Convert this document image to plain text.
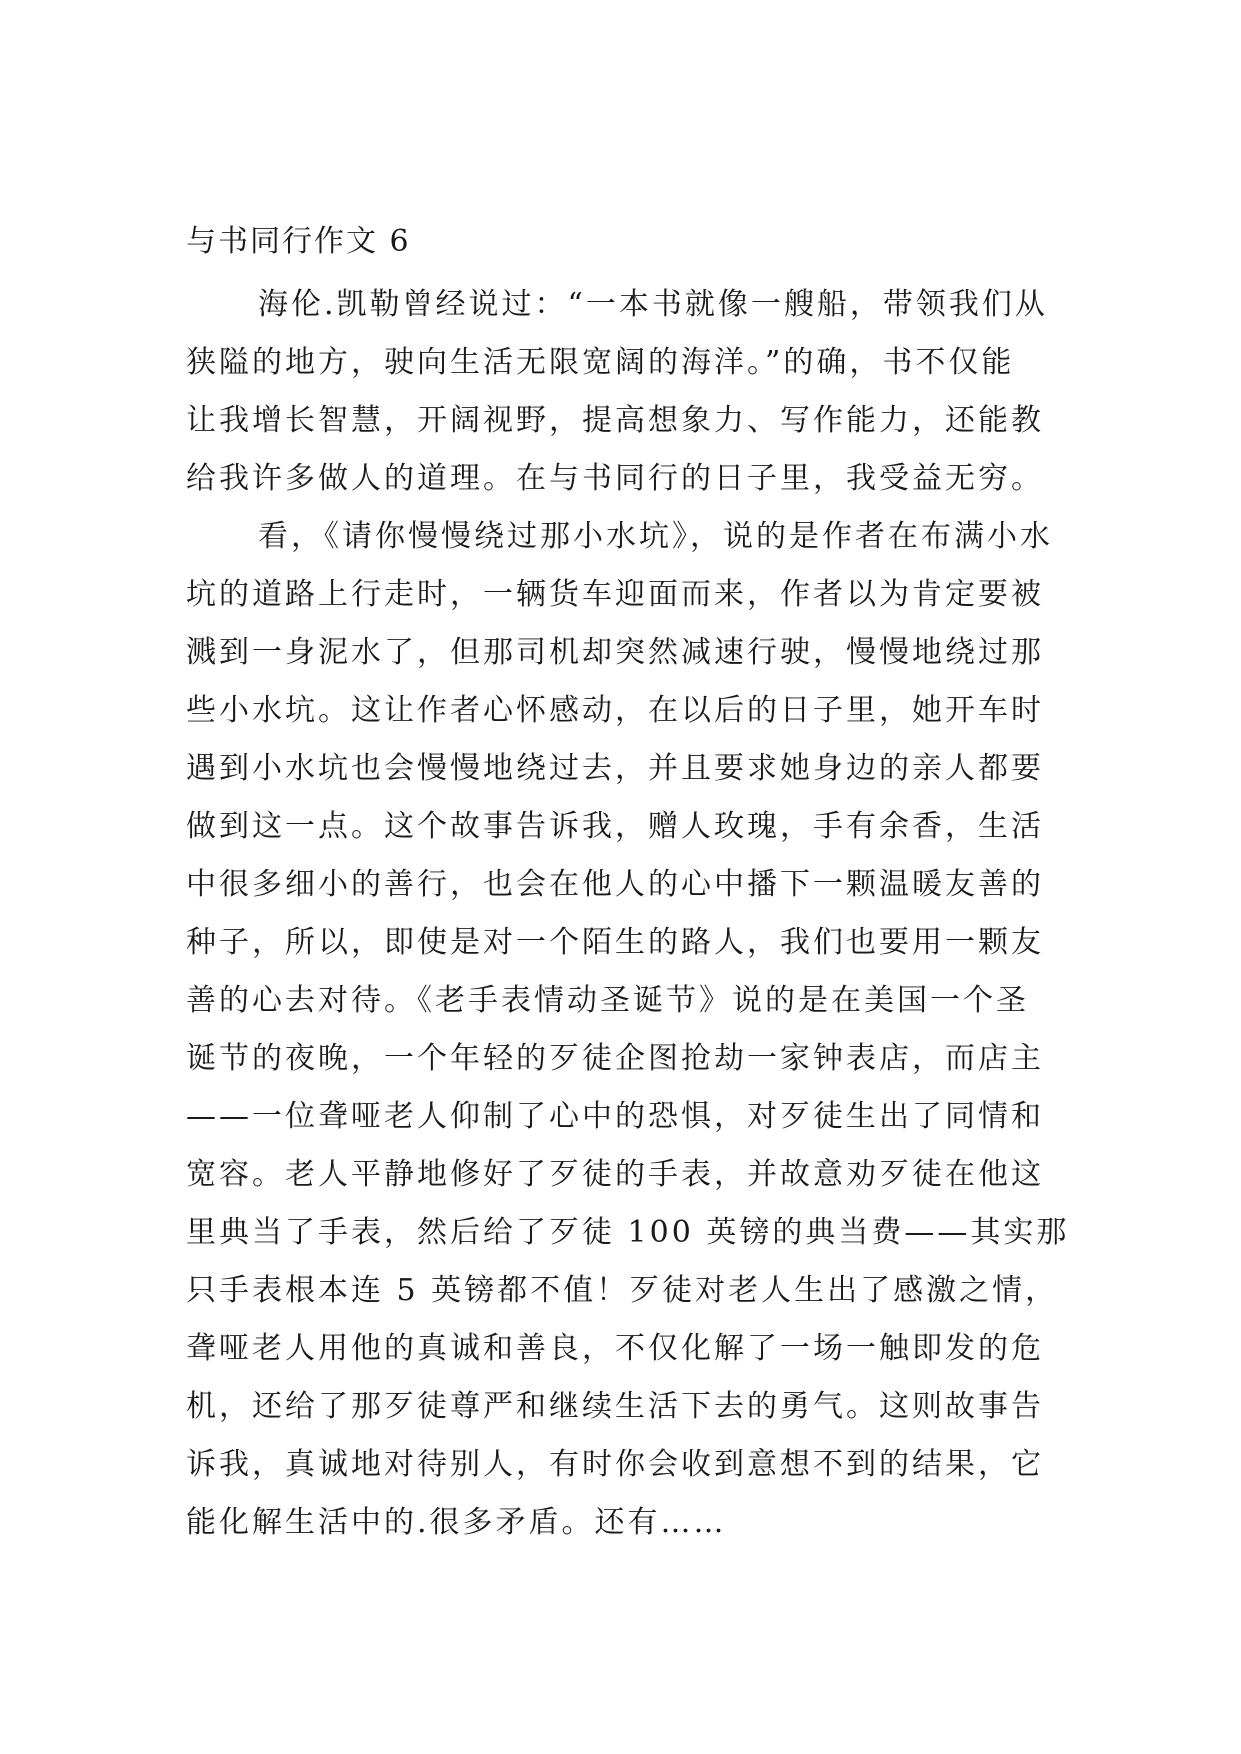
与书同行作文 6
海伦.凯勒曾经说过：“一本书就像一艘船，带领我们从
狭隘的地方，驶向生活无限宽阔的海洋。”的确，书不仅能
让我增长智慧，开阔视野，提高想象力、写作能力，还能教
给我许多做人的道理。在与书同行的日子里，我受益无穷。
看，《请你慢慢绕过那小水坑》，说的是作者在布满小水
坑的道路上行走时，一辆货车迎面而来，作者以为肯定要被
溅到一身泥水了，但那司机却突然减速行驶，慢慢地绕过那
些小水坑。这让作者心怀感动，在以后的日子里，她开车时
遇到小水坑也会慢慢地绕过去，并且要求她身边的亲人都要
做到这一点。这个故事告诉我，赠人玫瑰，手有余香，生活
中很多细小的善行，也会在他人的心中播下一颗温暖友善的
种子，所以，即使是对一个陌生的路人，我们也要用一颗友
善的心去对待。《老手表情动圣诞节》说的是在美国一个圣
诞节的夜晚，一个年轻的歹徒企图抢劫一家钟表店，而店主
——一位聋哑老人仰制了心中的恐惧，对歹徒生出了同情和
宽容。老人平静地修好了歹徒的手表，并故意劝歹徒在他这
里典当了手表，然后给了歹徒 100 英镑的典当费——其实那
只手表根本连 5 英镑都不值！歹徒对老人生出了感激之情，
聋哑老人用他的真诚和善良，不仅化解了一场一触即发的危
机，还给了那歹徒尊严和继续生活下去的勇气。这则故事告
诉我，真诚地对待别人，有时你会收到意想不到的结果，它
能化解生活中的.很多矛盾。还有……
